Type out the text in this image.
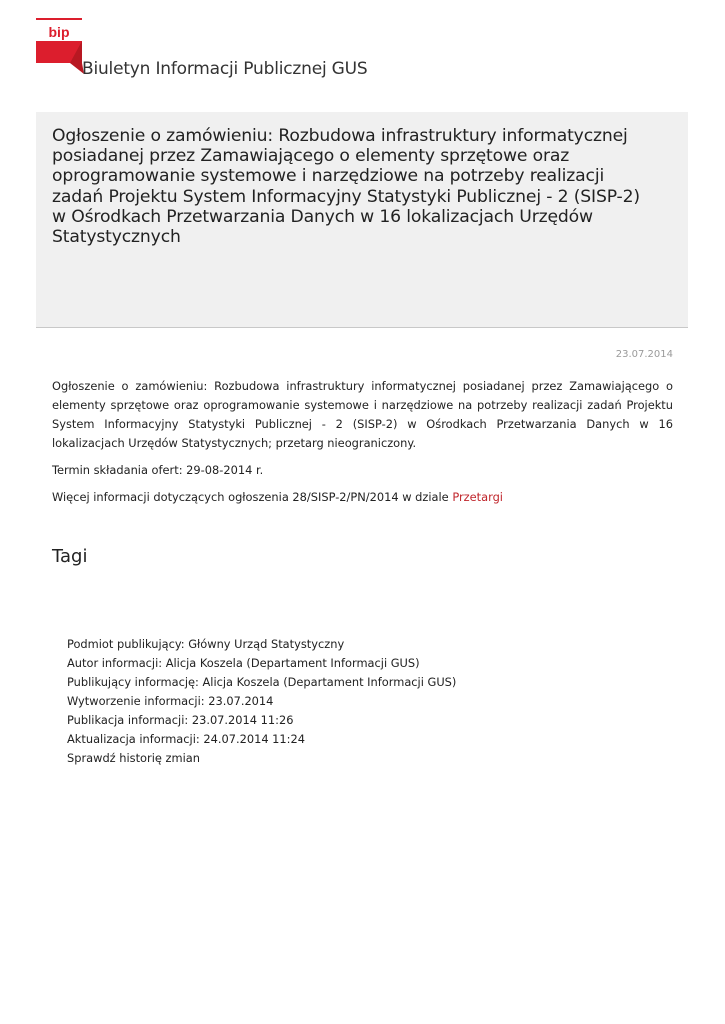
bip
Biuletyn Informacji Publicznej GUS
Ogłoszenie o zamówieniu: Rozbudowa infrastruktury informatycznej posiadanej przez Zamawiającego o elementy sprzętowe oraz oprogramowanie systemowe i narzędziowe na potrzeby realizacji zadań Projektu System Informacyjny Statystyki Publicznej - 2 (SISP-2) w Ośrodkach Przetwarzania Danych w 16 lokalizacjach Urzędów Statystycznych
23.07.2014

Ogłoszenie o zamówieniu: Rozbudowa infrastruktury informatycznej posiadanej przez Zamawiającego o elementy sprzętowe oraz oprogramowanie systemowe i narzędziowe na potrzeby realizacji zadań Projektu System Informacyjny Statystyki Publicznej - 2 (SISP-2) w Ośrodkach Przetwarzania Danych w 16 lokalizacjach Urzędów Statystycznych; przetarg nieograniczony.

Termin składania ofert: 29-08-2014 r.

Więcej informacji dotyczących ogłoszenia 28/SISP-2/PN/2014 w dziale Przetargi

Tagi
Podmiot publikujący: Główny Urząd Statystyczny
Autor informacji: Alicja Koszela (Departament Informacji GUS)
Publikujący informację: Alicja Koszela (Departament Informacji GUS)
Wytworzenie informacji: 23.07.2014
Publikacja informacji: 23.07.2014 11:26
Aktualizacja informacji: 24.07.2014 11:24
Sprawdź historię zmian
